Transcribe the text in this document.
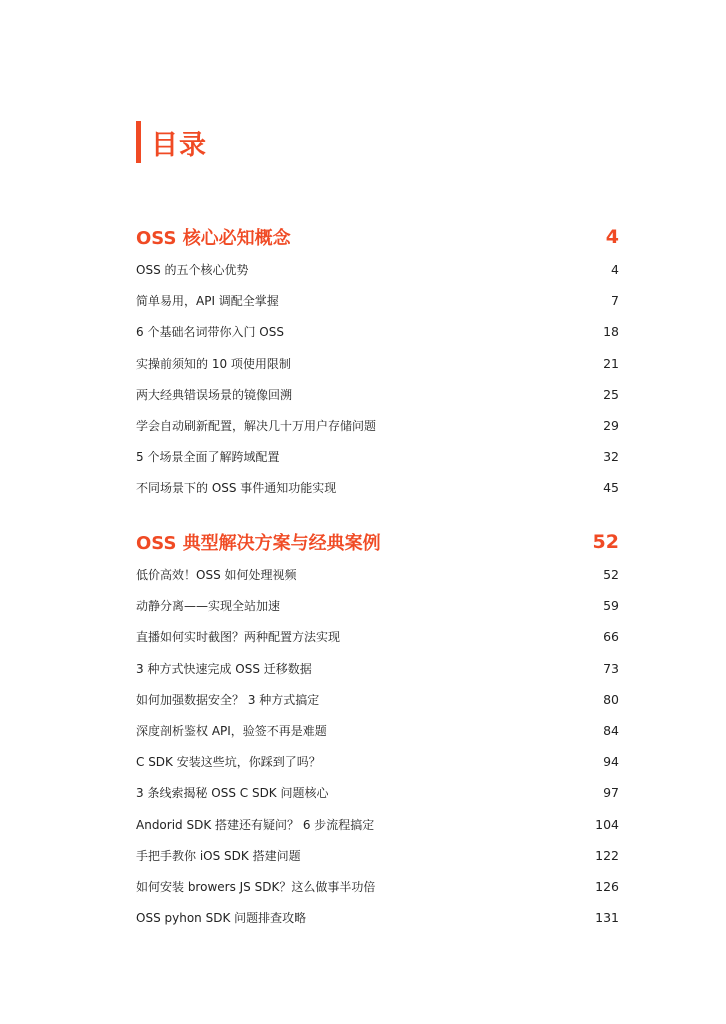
目录
OSS 核心必知概念	4
OSS 的五个核心优势	4
简单易用，API 调配全掌握	7
6 个基础名词带你入门 OSS	18
实操前须知的 10 项使用限制	21
两大经典错误场景的镜像回溯	25
学会自动刷新配置，解决几十万用户存储问题	29
5 个场景全面了解跨域配置	32
不同场景下的 OSS 事件通知功能实现	45
OSS 典型解决方案与经典案例	52
低价高效！OSS 如何处理视频	52
动静分离——实现全站加速	59
直播如何实时截图？两种配置方法实现	66
3 种方式快速完成 OSS 迁移数据	73
如何加强数据安全？ 3 种方式搞定	80
深度剖析鉴权 API，验签不再是难题	84
C SDK 安装这些坑，你踩到了吗？	94
3 条线索揭秘 OSS C SDK 问题核心	97
Andorid SDK 搭建还有疑问？ 6 步流程搞定	104
手把手教你 iOS SDK 搭建问题	122
如何安装 browers JS SDK？这么做事半功倍	126
OSS pyhon SDK 问题排查攻略	131
